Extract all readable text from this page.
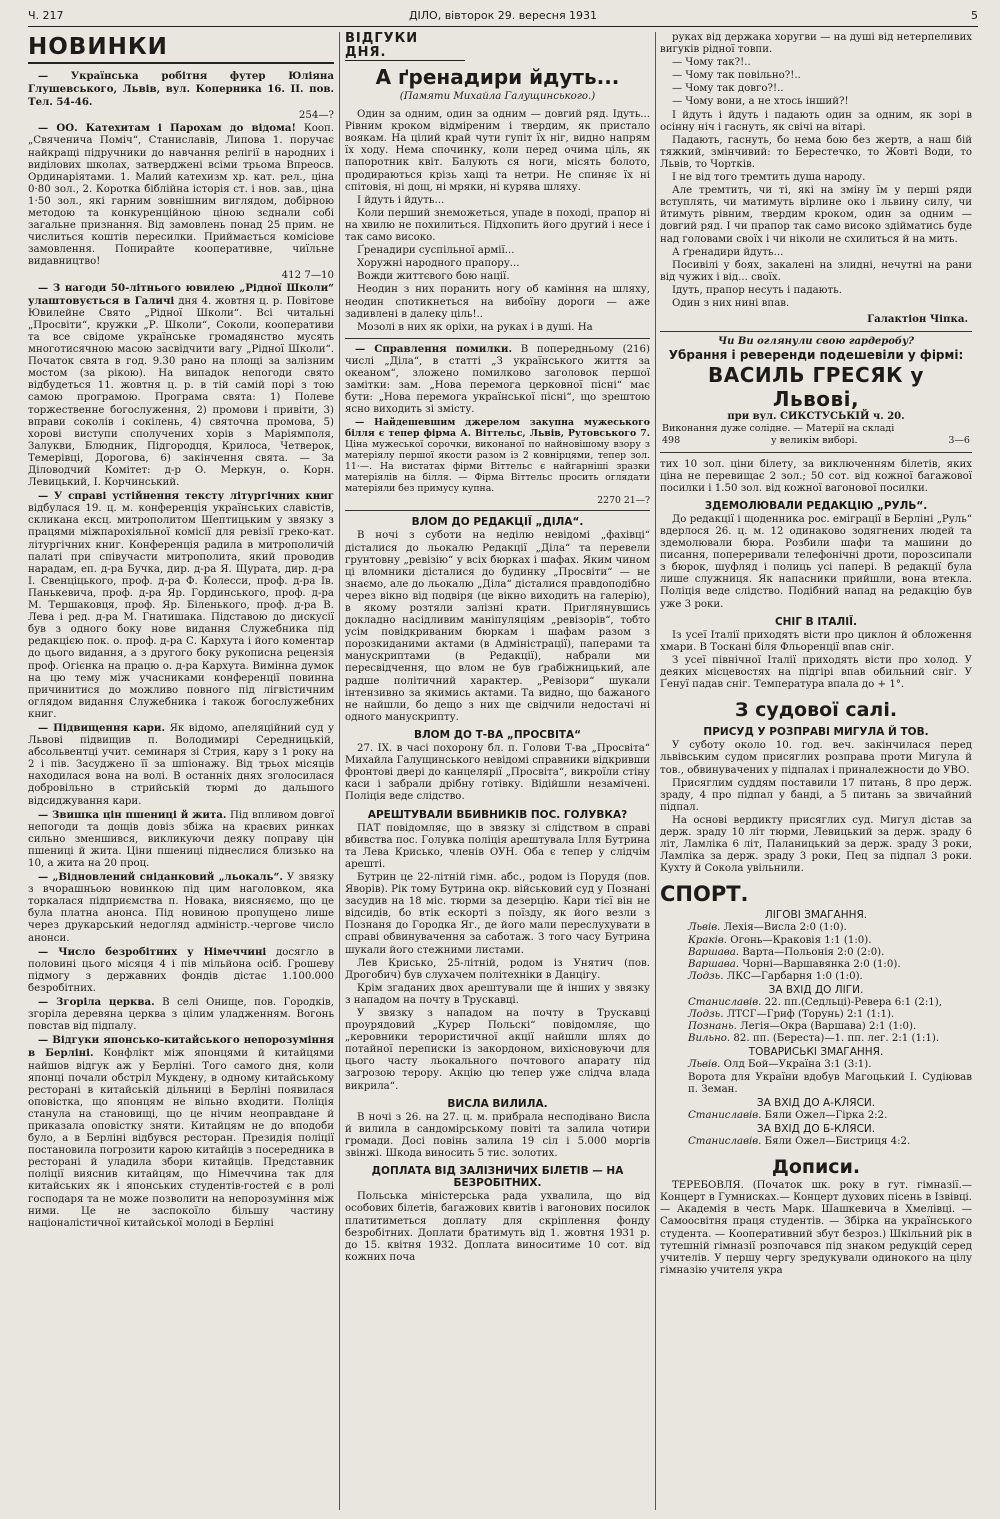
Ч. 217	ДІЛО, вівторок 29. вересня 1931	5
НОВИНКИ

— Українська робітня футер Юліяна Глушевського, Львів, вул. Коперника 16. II. пов. Тел. 54-46.

254—?

— ОО. Катехитам і Парохам до відома! Кооп. „Свяченича Поміч“, Станиславів, Липова 1. поручає найкращі підручники до навчання релігії в народних і виділових школах, затверджені всіми трьома Впреосв. Ординаріятами. 1. Малий катехизм хр. кат. рел., ціна 0·80 зол., 2. Коротка біблійна історія ст. і нов. зав., ціна 1·50 зол., які гарним зовнішним виглядом, добірною методою та конкуренційною ціною зєднали собі загальне признання. Від замовлень понад 25 прим. не числиться коштів пересилки. Приймається комісіове замовлення. Попирайте кооперативне, чиїльне видавництво!

412 7—10

— З нагоди 50-літнього ювилею „Рідної Школи“ улаштовується в Галичі дня 4. жовтня ц. р. Повітове Ювилейне Свято „Рідної Школи“. Всі читальні „Просвіти“, кружки „Р. Школи“, Соколи, кооперативи та все свідоме українське громадянство мусять многотисячною масою засвідчити вагу „Рідної Школи“. Початок свята в год. 9.30 рано на площі за залізним мостом (за рікою). На випадок непогоди свято відбудеться 11. жовтня ц. р. в тій самій порі з тою самою програмою. Програма свята: 1) Полеве торжественне богослуження, 2) промови і привіти, 3) вправи соколів і сокілень, 4) святочна промова, 5) хорові виступи сполучених хорів з Маріямполя, Залукви, Блюдник, Підгородця, Крилоса, Четверок, Темерівці, Дорогова, 6) закінчення свята. — За Діловодчий Комітет: д-р О. Меркун, о. Корн. Левицький, І. Корчинський.

— У справі устійнення тексту літургічних книг відбулася 19. ц. м. конференція українських славістів, скликана ексц. митрополитом Шептицьким у звязку з працями міжпарохіяльної комісії для ревізії греко-кат. літургічних книг. Конференція радила в митрополичій палаті при співучасти митрополита, який проводив нарадам, еп. д-ра Бучка, дир. д-ра Я. Щурата, дир. д-ра І. Свенціцького, проф. д-ра Ф. Колесси, проф. д-ра Ів. Панькевича, проф. д-ра Яр. Гординського, проф. д-ра М. Тершаковця, проф. Яр. Біленького, проф. д-ра В. Лева і ред. д-ра М. Гнатишака. Підставою до дискусії був з одного боку нове видання Служебника під редакцією пок. о. проф. д-ра С. Кархута і його коментар до цього видання, а з другого боку рукописна рецензія проф. Огієнка на працю о. д-ра Кархута. Вимінна думок на цю тему між учасниками конференції повинна причинитися до можливо повного під лігвістичним оглядом видання Служебника і також богослужебних книг.

— Підвищення кари. Як відомо, апеляційний суд у Львові підвищив п. Володимирі Середницькій, абсольвентці учит. семинаря зі Стрия, кару з 1 року на 2 і пів. Засуджено її за шпіонажу. Від трьох місяців находилася вона на волі. В останніх днях зголосилася добровільно в стрийській тюрмі до дальшого відсиджування кари.

— Звишка цін пшениці й жита. Під впливом довгої непогоди та дощів довіз збіжа на краєвих ринках сильно зменшився, викликуючи деяку поправу цін пшениці й жита. Ціни пшениці піднеслися близько на 10, а жита на 20 проц.

— „Відновлений сніданковий „льокаль“. У звязку з вчорашньою новинкою під цим наголовком, яка торкалася підприємства п. Новака, виясняємо, що це була платна анонса. Під новиною пропущено лише через друкарський недогляд адміністр.-чергове число анонси.

— Число безробітних у Німеччині досягло в половині цього місяця 4 і пів мільйона осіб. Грошеву підмогу з державних фондів дістає 1.100.000 безробітних.

— Згоріла церква. В селі Онище, пов. Городків, згоріла деревяна церква з цілим уладженням. Вогонь повстав від підпалу.

— Відгуки японсько-китайського непорозуміння в Берліні. Конфлікт між японцями й китайцями найшов відгук аж у Берліні. Того самого дня, коли японці почали обстріл Мукдену, в одному китайському ресторані в китайській дільниці в Берліні появилася оповістка, що японцям не вільно входити. Поліція станула на становищі, що це нічим неоправдане й приказала оповістку зняти. Китайцям не до вподоби було, а в Берліні відбувся ресторан. Президія поліції постановила погрозити карою китайців з посередника в ресторані й уладила збори китайців. Представник поліції вияснив китайцям, що Німеччина так для китайських як і японських студентів-гостей є в ролі господаря та не може позволити на непорозуміння між ними. Це не заспокоїло більшу частину націоналістичної китайської молоді в Берліні

ВІДГУКИ ДНЯ.
А ґренадири йдуть...
(Памяти Михайла Галущинського.)

Один за одним, один за одним — довгий ряд. Ідуть... Рівним кроком відміреним і твердим, як пристало воякам. На цілий край чути гупіт їх ніг, видно напрям їх ходу. Нема спочинку, коли перед очима ціль, як папоротник квіт. Балують ся ноги, місять болото, продираються крізь хащі та нетри. Не спиняє їх ні спітовія, ні дощ, ні мряки, ні курява шляху.

І йдуть і йдуть...

Коли перший знеможеться, упаде в поході, прапор ні на хвилю не похилиться. Підхопить його другий і несе і так само високо.

Ґренадири суспільної армії...

Хоружні народного прапору...

Вожди життєвого бою нації.

Неодин з них поранить ногу об каміння на шляху, неодин спотикнеться на вибоїну дороги — аже задивлені в далеку ціль!..

Мозолі в них як оріхи, на руках і в душі. На

— Справлення помилки. В попередньому (216) числі „Діла“, в статті „З українського життя за океаном“, зложено помилково заголовок першої замітки: зам. „Нова перемога церковної пісні“ має бути: „Нова перемога української пісні“, що зрештою ясно виходить зі змісту.

— Найдешевшим джерелом закупна мужеського білля є тепер фірма А. Віттельс, Львів, Рутовського 7. Ціна мужеської сорочки, виконаної по найновішому взору з матеріялу першої якости разом із 2 ковнірцями, тепер зол. 11·—. На вистатах фірми Віттельс є найгарніші зразки матеріялів на білля. — Фірма Віттельс просить оглядати матеріяли без примусу купна.

2270 21—?
ВЛОМ ДО РЕДАКЦІЇ „ДІЛА“.

В ночі з суботи на неділю невідомі „фахівці“ дісталися до льокалю Редакції „Діла“ та перевели грунтовну „ревізію“ у всіх бюрках і шафах. Яким чином ці вломники дісталися до будинку „Просвіти“ — не знаємо, але до льокалю „Діла“ дісталися правдоподібно через вікно від подвіря (це вікно виходить на галерію), в якому розтяли залізні крати. Приглянувшись докладно насідливим маніпуляціям „ревізорів“, тобто усім повідкриваним бюркам і шафам разом з порозкиданими актами (в Адміністрації), паперами та манускриптами (в Редакції), набрали ми пересвідчення, що влом не був ґрабіжницький, але радше політичний характер. „Ревізори“ шукали інтензивно за якимись актами. Та видно, що бажаного не найшли, бо дещо з них ще свідчили недостачі ні одного манускрипту.

ВЛОМ ДО Т-ВА „ПРОСВІТА“

27. IX. в часі похорону бл. п. Голови Т-ва „Просвіта“ Михайла Галущинського невідомі справники відкривши фронтові двері до канцелярії „Просвіта“, викроїли стіну каси і забрали дрібну готівку. Відійшли незамічені. Поліція веде слідство.

АРЕШТУВАЛИ ВБИВНИКІВ ПОС. ГОЛУВКА?

ПАТ повідомляє, що в звязку зі слідством в справі вбивства пос. Голувка поліція арештувала Ілля Бутрина та Лева Крисько, членів ОУН. Оба є тепер у слідчім арешті.

Бутрин це 22-літній гімн. абс., родом із Порудя (пов. Яворів). Рік тому Бутрина окр. військовий суд у Познані засудив на 18 міс. тюрми за дезерцію. Кари тієї він не відсидів, бо втік ескорті з поїзду, як його везли з Познаня до Городка Яг., де його мали переслухувати в справі обвинувачення за саботаж. З того часу Бутрина шукали його стежними листами.

Лев Крисько, 25-літній, родом із Унятич (пов. Дрогобич) був слухачем політехніки в Данцігу.

Крім згаданих двох арештували ще й інших у звязку з нападом на почту в Трускавці.

У звязку з нападом на почту в Трускавці проурядовий „Курєр Польскі“ повідомляє, що „керовники терористичної акції найшли шлях до потайної переписки із закордоном, вихісновуючи для цього часту льокального почтового апарату під загрозою терору. Акцію цю тепер уже слідча влада викрила“.

ВИСЛА ВИЛИЛА.

В ночі з 26. на 27. ц. м. прибрала несподівано Висла й вилила в сандомірському повіті та залила чотири громади. Досі повінь залила 19 сіл і 5.000 моргів звінжі. Шкода виносить 5 тис. золотих.

ДОПЛАТА ВІД ЗАЛІЗНИЧИХ БІЛЕТІВ — НА БЕЗРОБІТНИХ.

Польська міністерська рада ухвалила, що від особових білетів, багажових квитів і вагонових посилок платитиметься доплату для скріплення фонду безробітних. Доплати братимуть від 1. жовтня 1931 р. до 15. квітня 1932. Доплата виноситиме 10 сот. від кожних поча

руках від держака хоругви — на душі від нетерпеливих вигуків рідної товпи.

— Чому так?!..

— Чому так повільно?!..

— Чому так довго?!..

— Чому вони, а не хтось інший?!

І йдуть і йдуть і падають один за одним, як зорі в осінну ніч і гаснуть, як свічі на вітарі.

Падають, гаснуть, бо нема бою без жертв, а наш бій тяжкий, змінчивий: то Берестечко, то Жовті Води, то Львів, то Чортків.

І не від того тремтить душа народу.

Але тремтить, чи ті, які на зміну їм у перші ряди вступлять, чи матимуть вірлине око і львину силу, чи йтимуть рівним, твердим кроком, один за одним — довгий ряд. І чи прапор так само високо здійматись буде над головами своїх і чи ніколи не схилиться й на мить.

А ґренадири йдуть...

Посивілі у боях, закалені на злидні, нечутні на рани від чужих і від... своїх.

Ідуть, прапор несуть і падають.

Один з них нині впав.

Галактіон Чіпка.
Чи Ви оглянули свою гардеробу?
Убрання і реверенди подешевіли у фірмі:
ВАСИЛЬ ГРЕСЯК у Львові,
при вул. СИКСТУСЬКІЙ ч. 20.
Виконання дуже солідне. — Матерії на складі
498	у великім виборі.	3—6

тих 10 зол. ціни білету, за виключенням білетів, яких ціна не перевищає 2 зол.; 50 сот. від кожної багажової посилки і 1.50 зол. від кожної вагонової посилки.

ЗДЕМОЛЮВАЛИ РЕДАКЦІЮ „РУЛЬ“.

До редакції і щоденника рос. еміграції в Берліні „Руль“ вдерлося 26. ц. м. 12 одинаково зодягнених людей та здемолювали бюра. Розбили шафи та машини до писання, попереривали телефонічні дроти, порозсипали з бюрок, шуфляд і полиць усі папері. В редакції була лише служниця. Як напасники прийшли, вона втекла. Поліція веде слідство. Подібний напад на редакцію був уже 3 роки.

СНІГ В ІТАЛІЇ.

Із усеї Італії приходять вісти про циклон й обложення хмари. В Тоскані біля Фльоренції впав сніг.

З усеї північної Італії приходять вісти про холод. У деяких місцевостях на підгірі впав обильний сніг. У Ґенуї падав сніг. Температура впала до + 1°.

З судової салі.
ПРИСУД У РОЗПРАВІ МИГУЛА Й ТОВ.

У суботу около 10. год. веч. закінчилася перед львівським судом присяглих розправа проти Мигула й тов., обвинувачених у підпалах і приналежности до УВО.

Присяглим суддям поставили 17 питань, 8 про держ. зраду, 4 про підпал у банді, а 5 питань за звичайний підпал.

На основі вердикту присяглих суд. Мигул дістав за держ. зраду 10 літ тюрми, Левицький за держ. зраду 6 літ, Ламліка 6 літ, Паланицький за держ. зраду 3 роки, Ламліка за держ. зраду 3 роки, Пец за підпал 3 роки. Кухту й Сокола увільнили.

СПОРТ.
ЛІГОВІ ЗМАГАННЯ.
Львів. Лехія—Висла 2:0 (1:0).
Краків. Огонь—Краковія 1:1 (1:0).
Варшава. Варта—Польонія 2:0 (2:0).
Варшава. Чорні—Варшавянка 2:0 (1:0).
Лодзь. ЛКС—Гарбарня 1:0 (1:0).
ЗА ВХІД ДО ЛІГИ.
Станиславів. 22. пп.(Седльці)-Ревера 6:1 (2:1),
Лодзь. ЛТСГ—Гриф (Торунь) 2:1 (1:1).
Познань. Легія—Окра (Варшава) 2:1 (1:0).
Вильно. 82. пп. (Береста)—1. пп. лег. 2:1 (1:1).
ТОВАРИСЬКІ ЗМАГАННЯ.
Львів. Олд Бой—Україна 3:1 (3:1).
Ворота для України вдобув Магоцький І. Судіював п. Земан.
ЗА ВХІД ДО А-КЛЯСИ.
Станиславів. Бяли Ожел—Гірка 2:2.
ЗА ВХІД ДО Б-КЛЯСИ.
Станиславів. Бяли Ожел—Бистриця 4:2.
Дописи.

ТЕРЕБОВЛЯ. (Початок шк. року в гут. гімназії.— Концерт в Гумнисках.— Концерт духових пісень в Ізвівці. — Академія в честь Марк. Шашкевича в Хмелівці. — Самоосвітня праця студентів. — Збірка на українського студента. — Кооперативний збут безроз.) Шкільний рік в тутешній гімназії розпочався під знаком редукцій серед учителів. У першу чергу зредукували одинокого на цілу гімназію учителя укра
